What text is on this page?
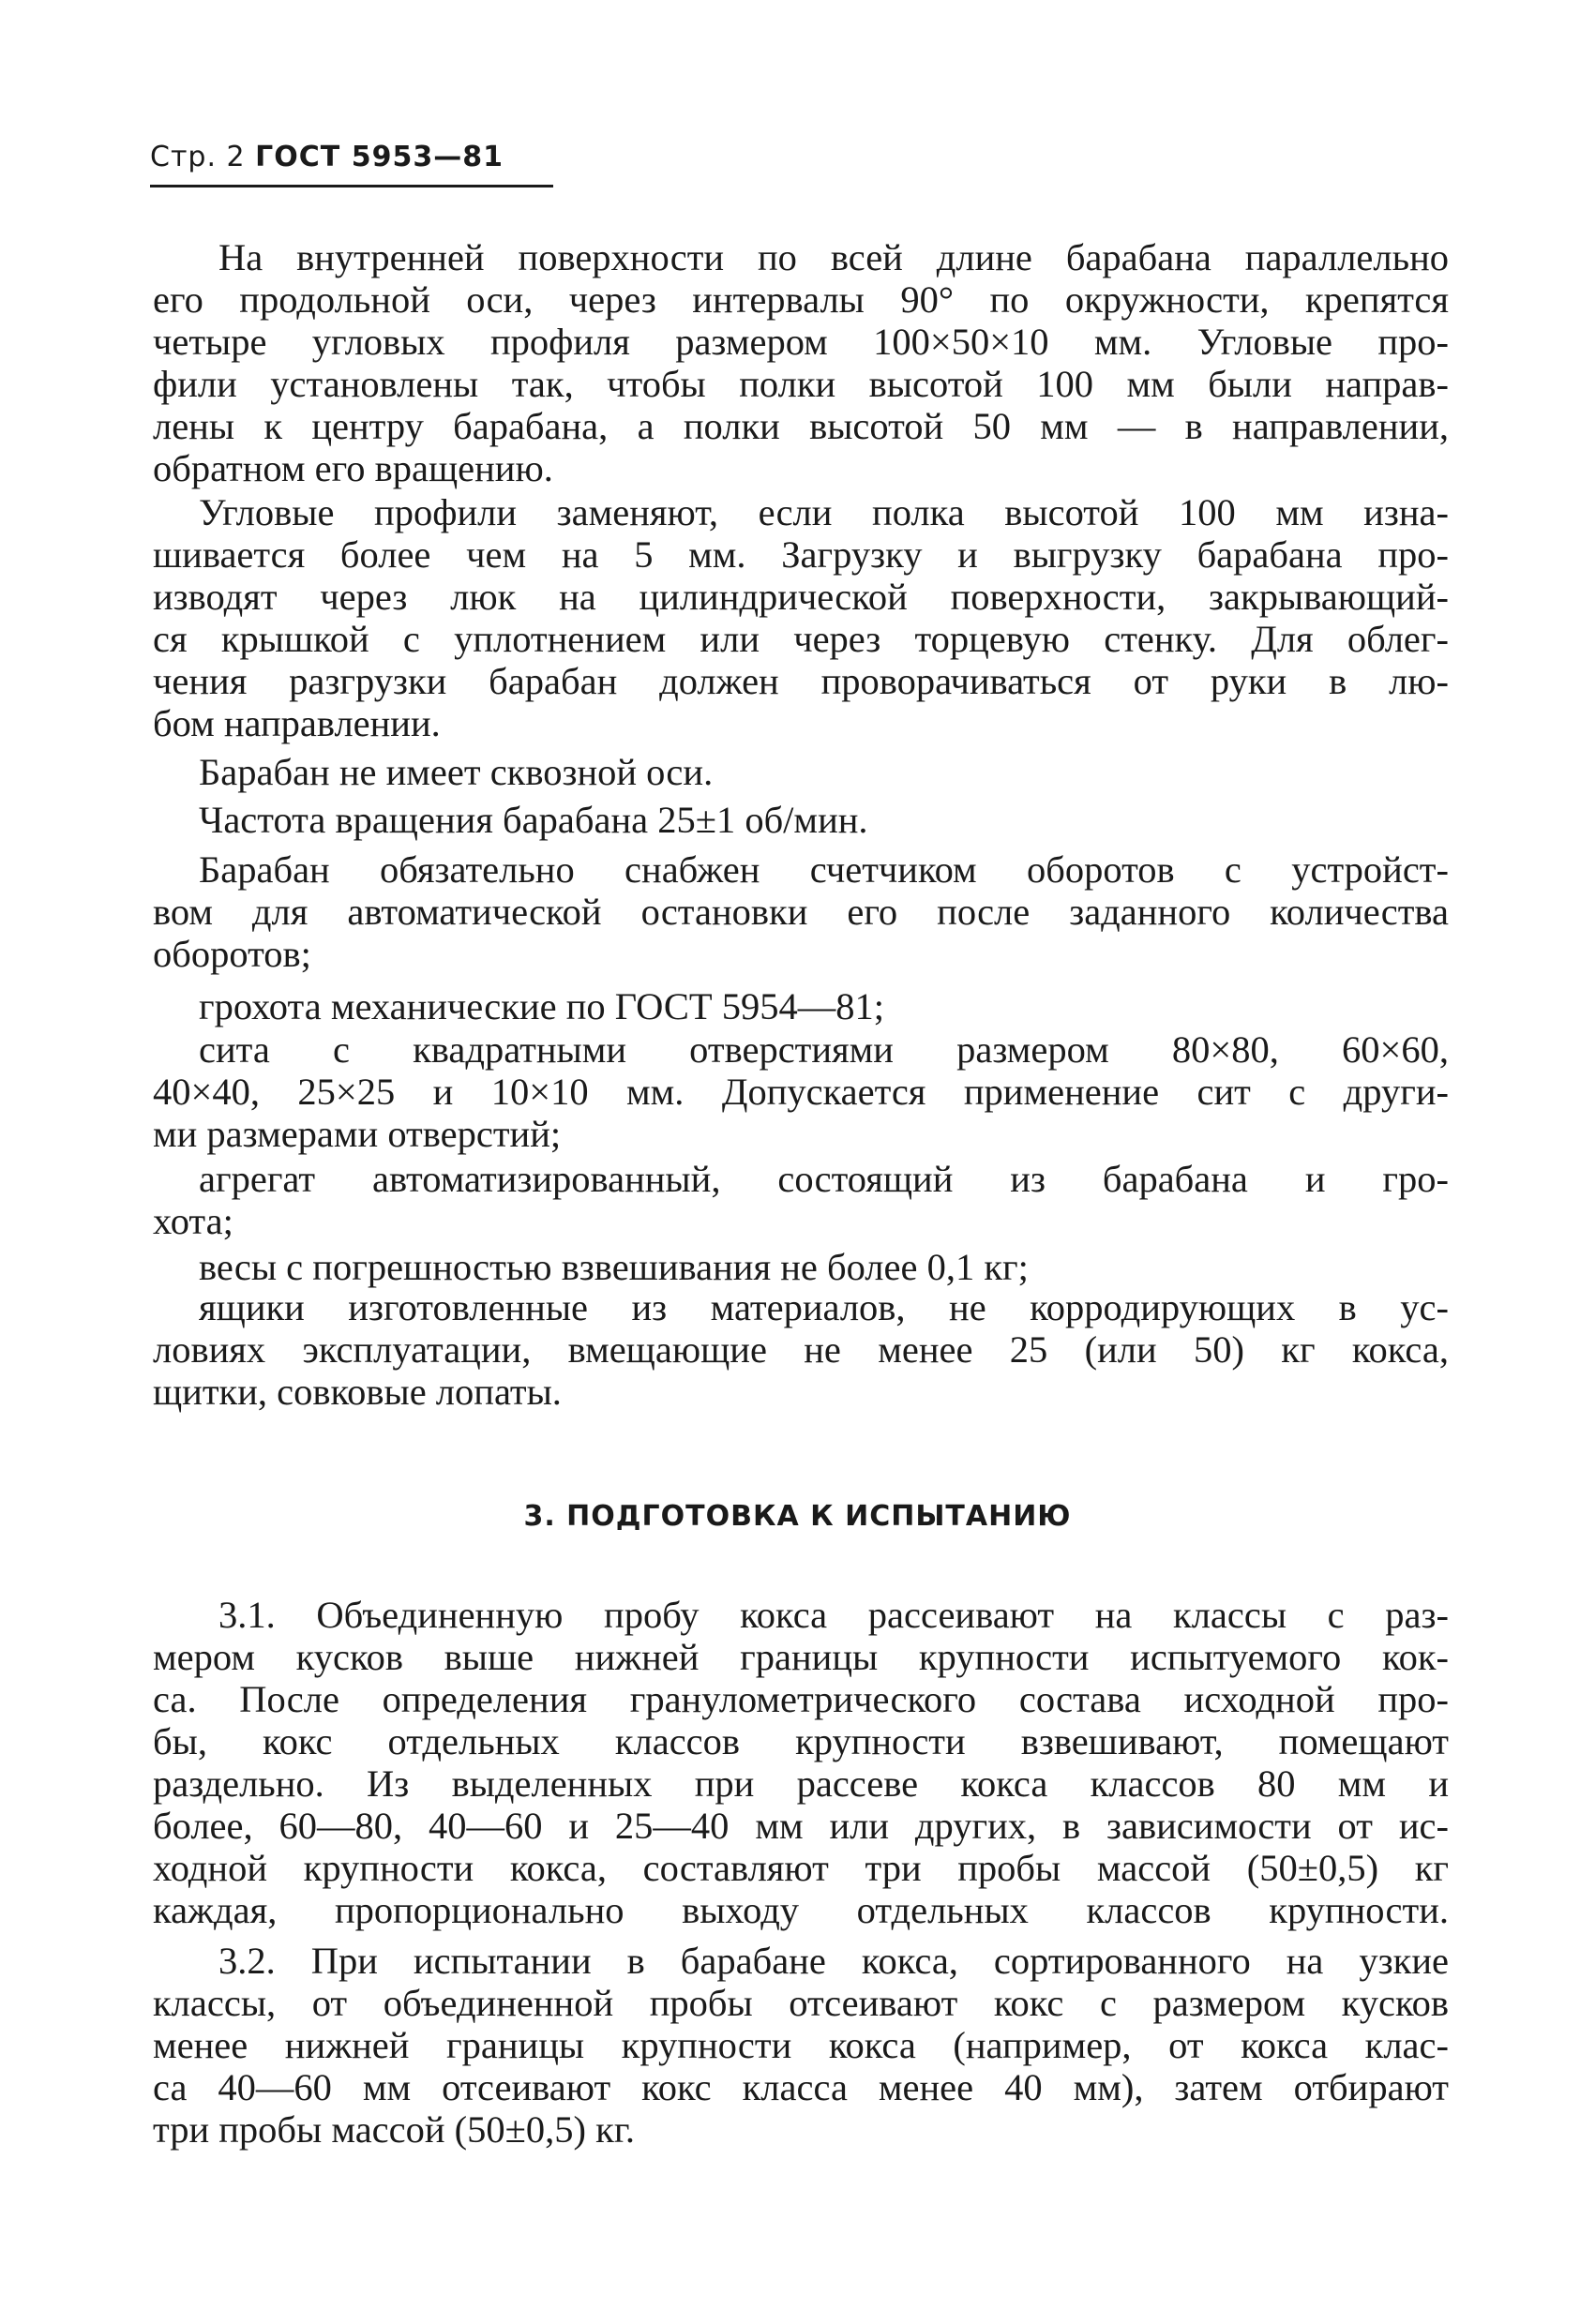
Стр. 2 ГОСТ 5953—81
На внутренней поверхности по всей длине барабана параллельно
его продольной оси, через интервалы 90° по окружности, крепятся
четыре угловых профиля размером 100×50×10 мм. Угловые про-
фили установлены так, чтобы полки высотой 100 мм были направ-
лены к центру барабана, а полки высотой 50 мм — в направлении,
обратном его вращению.
Угловые профили заменяют, если полка высотой 100 мм изна-
шивается более чем на 5 мм. Загрузку и выгрузку барабана про-
изводят через люк на цилиндрической поверхности, закрывающий-
ся крышкой с уплотнением или через торцевую стенку. Для облег-
чения разгрузки барабан должен проворачиваться от руки в лю-
бом направлении.
Барабан не имеет сквозной оси.
Частота вращения барабана 25±1 об/мин.
Барабан обязательно снабжен счетчиком оборотов с устройст-
вом для автоматической остановки его после заданного количества
оборотов;
грохота механические по ГОСТ 5954—81;
сита с квадратными отверстиями размером 80×80, 60×60,
40×40, 25×25 и 10×10 мм. Допускается применение сит с други-
ми размерами отверстий;
агрегат автоматизированный, состоящий из барабана и гро-
хота;
весы с погрешностью взвешивания не более 0,1 кг;
ящики изготовленные из материалов, не корродирующих в ус-
ловиях эксплуатации, вмещающие не менее 25 (или 50) кг кокса,
щитки, совковые лопаты.
3. ПОДГОТОВКА К ИСПЫТАНИЮ
3.1. Объединенную пробу кокса рассеивают на классы с раз-
мером кусков выше нижней границы крупности испытуемого кок-
са. После определения гранулометрического состава исходной про-
бы, кокс отдельных классов крупности взвешивают, помещают
раздельно. Из выделенных при рассеве кокса классов 80 мм и
более, 60—80, 40—60 и 25—40 мм или других, в зависимости от ис-
ходной крупности кокса, составляют три пробы массой (50±0,5) кг
каждая, пропорционально выходу отдельных классов крупности.
3.2. При испытании в барабане кокса, сортированного на узкие
классы, от объединенной пробы отсеивают кокс с размером кусков
менее нижней границы крупности кокса (например, от кокса клас-
са 40—60 мм отсеивают кокс класса менее 40 мм), затем отбирают
три пробы массой (50±0,5) кг.
